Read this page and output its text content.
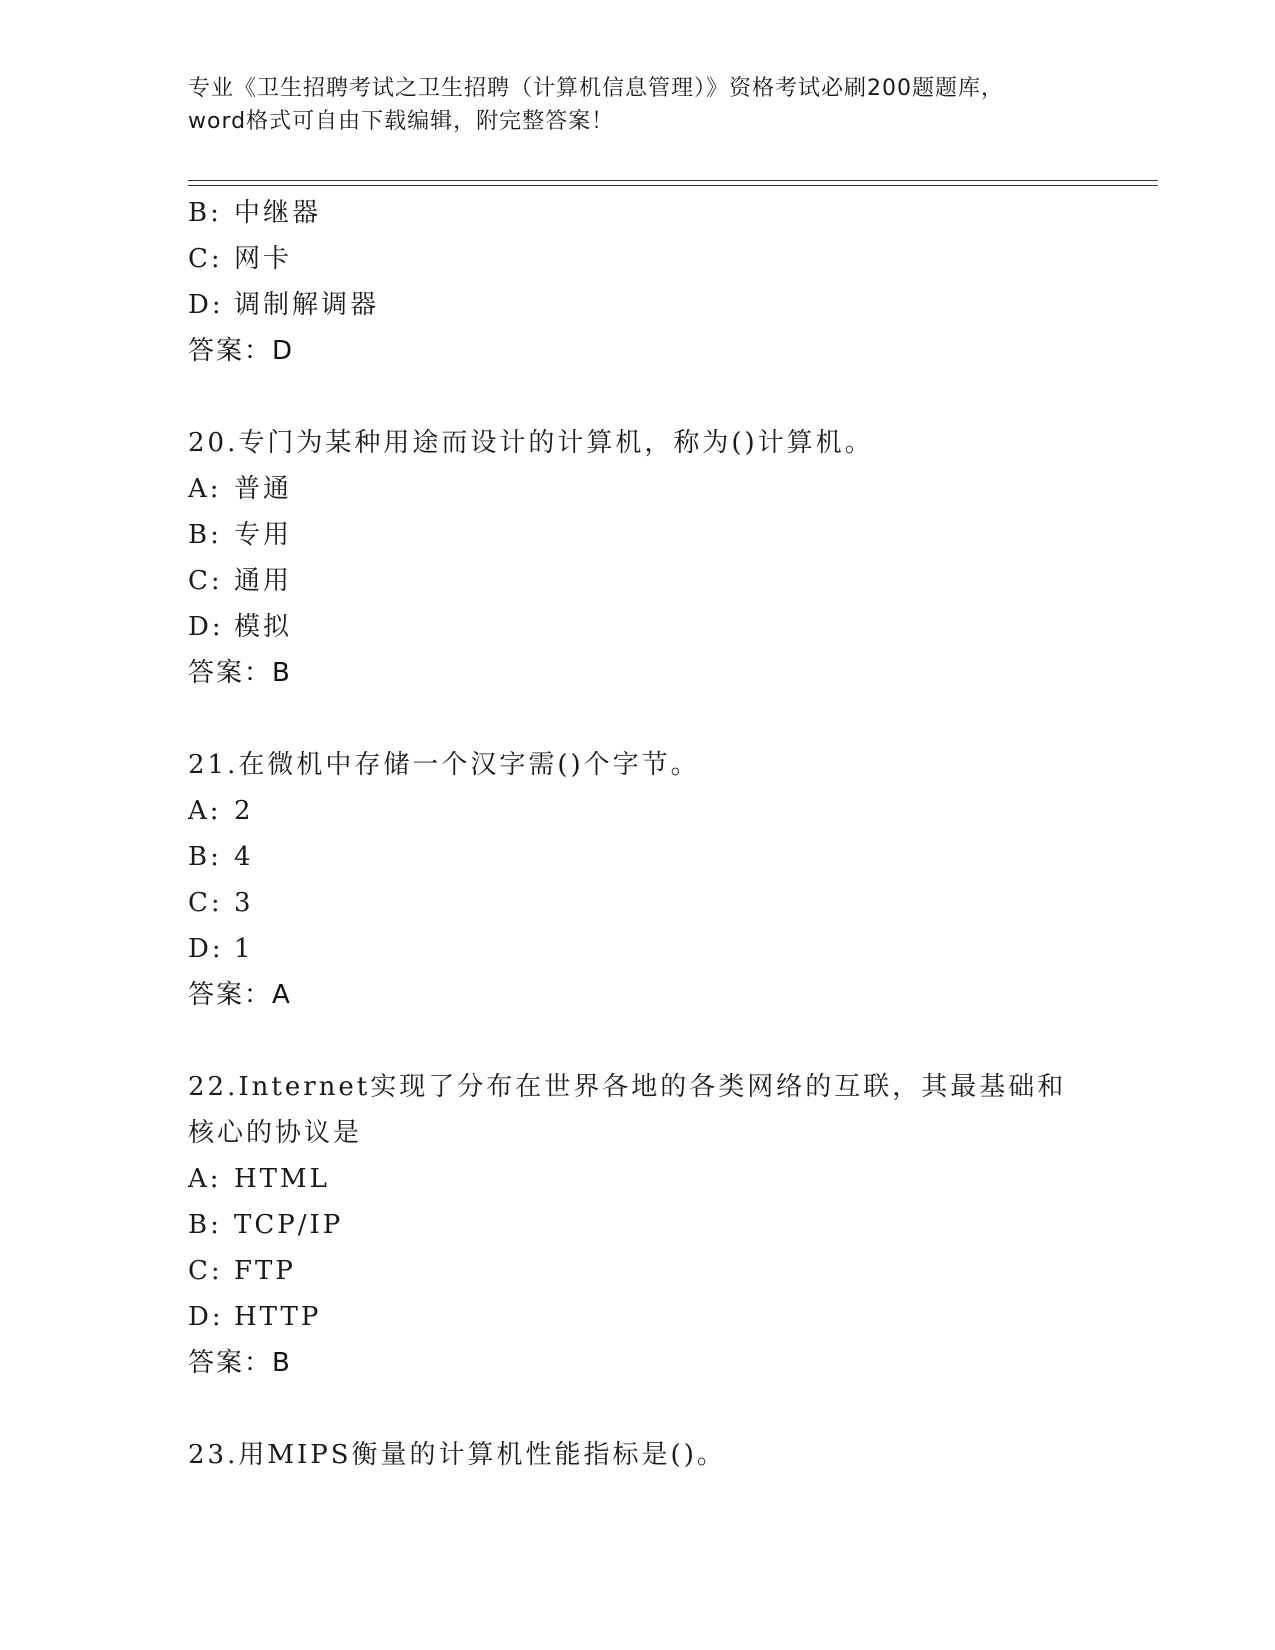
专业《卫生招聘考试之卫生招聘（计算机信息管理）》资格考试必刷200题题库，
word格式可自由下载编辑，附完整答案！
B: 中继器
C: 网卡
D: 调制解调器
答案：D
20.专门为某种用途而设计的计算机，称为()计算机。
A: 普通
B: 专用
C: 通用
D: 模拟
答案：B
21.在微机中存储一个汉字需()个字节。
A: 2
B: 4
C: 3
D: 1
答案：A
22.Internet实现了分布在世界各地的各类网络的互联，其最基础和核心的协议是
A: HTML
B: TCP/IP
C: FTP
D: HTTP
答案：B
23.用MIPS衡量的计算机性能指标是()。
